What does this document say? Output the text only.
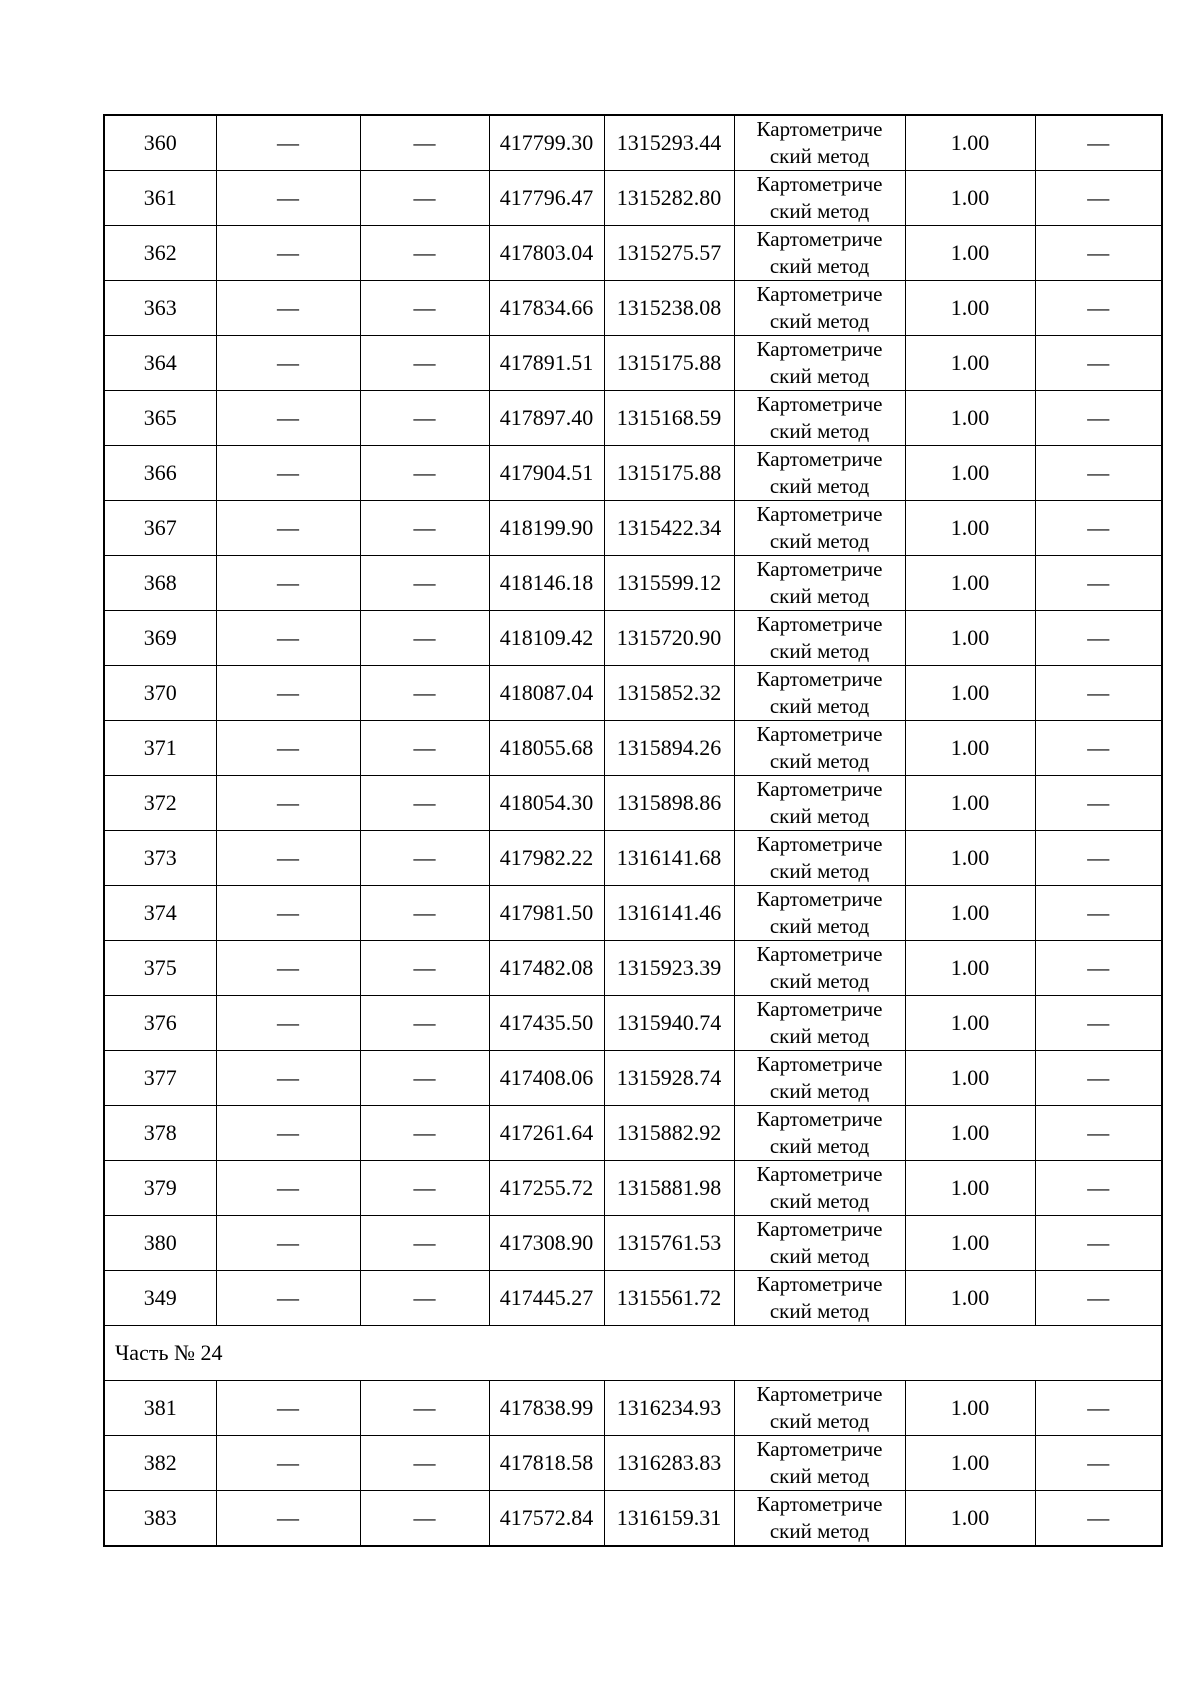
360	—	—	417799.30	1315293.44	Картометриче
ский метод	1.00	—
361	—	—	417796.47	1315282.80	Картометриче
ский метод	1.00	—
362	—	—	417803.04	1315275.57	Картометриче
ский метод	1.00	—
363	—	—	417834.66	1315238.08	Картометриче
ский метод	1.00	—
364	—	—	417891.51	1315175.88	Картометриче
ский метод	1.00	—
365	—	—	417897.40	1315168.59	Картометриче
ский метод	1.00	—
366	—	—	417904.51	1315175.88	Картометриче
ский метод	1.00	—
367	—	—	418199.90	1315422.34	Картометриче
ский метод	1.00	—
368	—	—	418146.18	1315599.12	Картометриче
ский метод	1.00	—
369	—	—	418109.42	1315720.90	Картометриче
ский метод	1.00	—
370	—	—	418087.04	1315852.32	Картометриче
ский метод	1.00	—
371	—	—	418055.68	1315894.26	Картометриче
ский метод	1.00	—
372	—	—	418054.30	1315898.86	Картометриче
ский метод	1.00	—
373	—	—	417982.22	1316141.68	Картометриче
ский метод	1.00	—
374	—	—	417981.50	1316141.46	Картометриче
ский метод	1.00	—
375	—	—	417482.08	1315923.39	Картометриче
ский метод	1.00	—
376	—	—	417435.50	1315940.74	Картометриче
ский метод	1.00	—
377	—	—	417408.06	1315928.74	Картометриче
ский метод	1.00	—
378	—	—	417261.64	1315882.92	Картометриче
ский метод	1.00	—
379	—	—	417255.72	1315881.98	Картометриче
ский метод	1.00	—
380	—	—	417308.90	1315761.53	Картометриче
ский метод	1.00	—
349	—	—	417445.27	1315561.72	Картометриче
ский метод	1.00	—
Часть № 24							
381	—	—	417838.99	1316234.93	Картометриче
ский метод	1.00	—
382	—	—	417818.58	1316283.83	Картометриче
ский метод	1.00	—
383	—	—	417572.84	1316159.31	Картометриче
ский метод	1.00	—
